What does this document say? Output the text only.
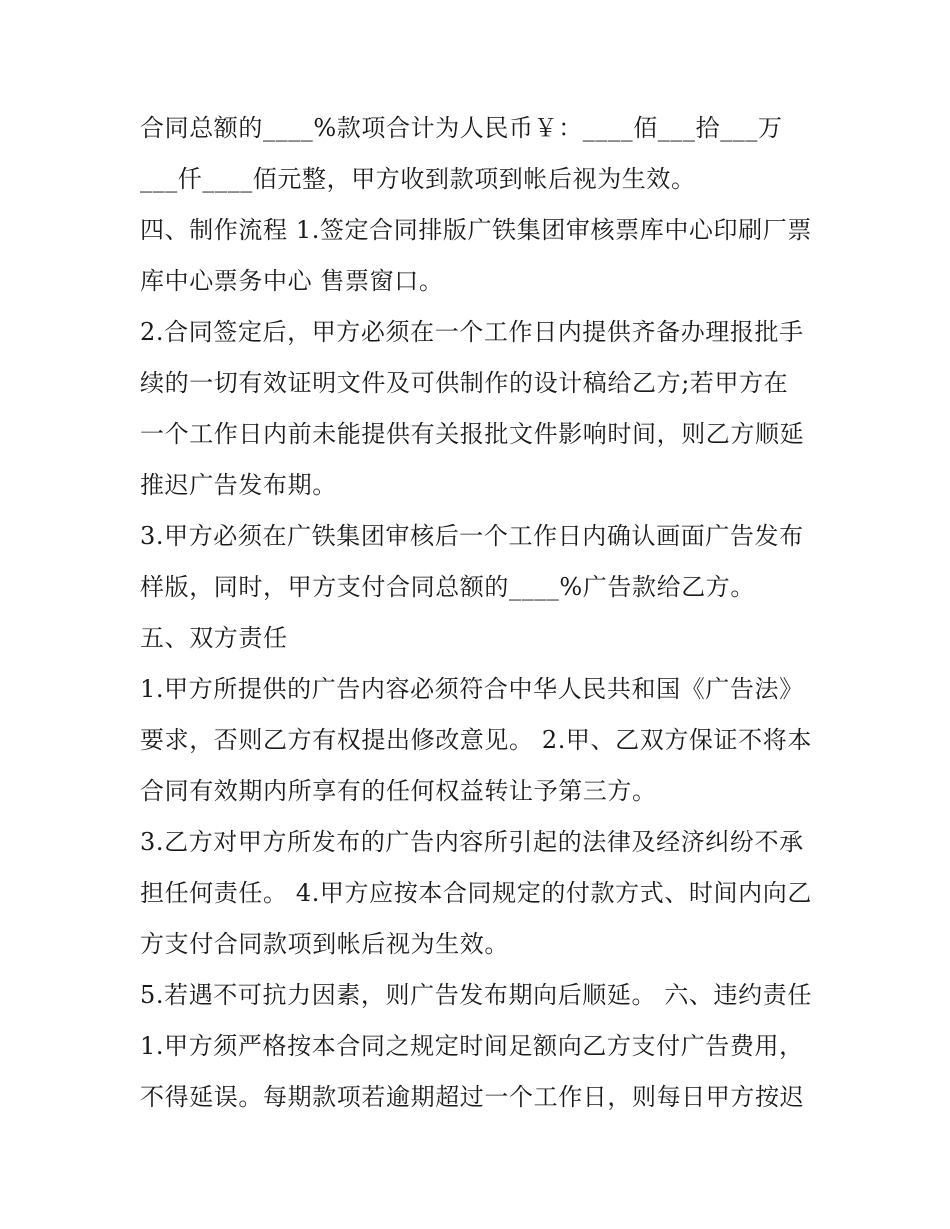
合同总额的____%款项合计为人民币￥：____佰___拾___万
___仟____佰元整，甲方收到款项到帐后视为生效。
四、制作流程 1.签定合同排版广铁集团审核票库中心印刷厂票
库中心票务中心 售票窗口。
2.合同签定后，甲方必须在一个工作日内提供齐备办理报批手
续的一切有效证明文件及可供制作的设计稿给乙方;若甲方在
一个工作日内前未能提供有关报批文件影响时间，则乙方顺延
推迟广告发布期。
3.甲方必须在广铁集团审核后一个工作日内确认画面广告发布
样版，同时，甲方支付合同总额的____%广告款给乙方。
五、双方责任
1.甲方所提供的广告内容必须符合中华人民共和国《广告法》
要求，否则乙方有权提出修改意见。 2.甲、乙双方保证不将本
合同有效期内所享有的任何权益转让予第三方。
3.乙方对甲方所发布的广告内容所引起的法律及经济纠纷不承
担任何责任。 4.甲方应按本合同规定的付款方式、时间内向乙
方支付合同款项到帐后视为生效。
5.若遇不可抗力因素，则广告发布期向后顺延。 六、违约责任
1.甲方须严格按本合同之规定时间足额向乙方支付广告费用，
不得延误。每期款项若逾期超过一个工作日，则每日甲方按迟
